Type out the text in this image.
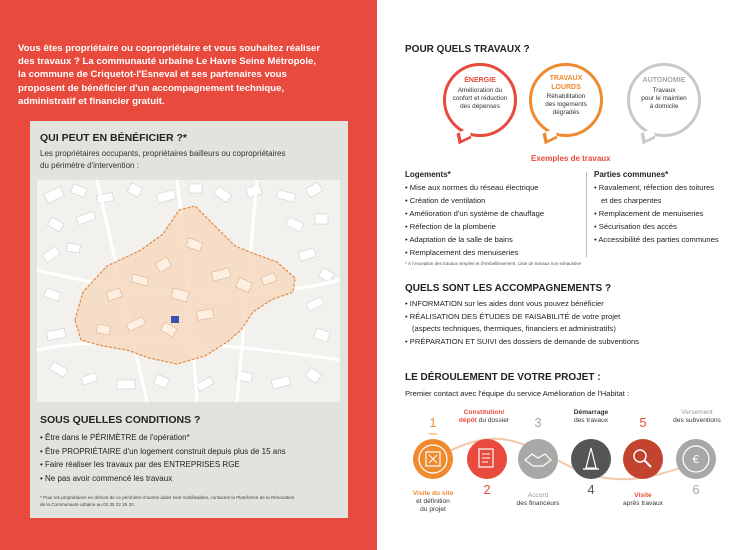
Vous êtes propriétaire ou copropriétaire et vous souhaitez réaliser
des travaux ? La communauté urbaine Le Havre Seine Métropole,
la commune de Criquetot-l'Esneval et ses partenaires vous
proposent de bénéficier d'un accompagnement technique,
administratif et financier gratuit.
QUI PEUT EN BÉNÉFICIER ?*
Les propriétaires occupants, propriétaires bailleurs ou copropriétaires
du périmètre d'intervention :
SOUS QUELLES CONDITIONS ?
• Être dans le PÉRIMÈTRE de l'opération*
• Être PROPRIÉTAIRE d'un logement construit depuis plus de 15 ans
• Faire réaliser les travaux par des ENTREPRISES RGE
• Ne pas avoir commencé les travaux
* Pour les propriétaires en dehors de ce périmètre d'autres aides sont mobilisables, contactez la Plateforme de la Rénovation
de la Communauté urbaine au 02 35 22 25 20.
POUR QUELS TRAVAUX ?
ÉNERGIE
Amélioration du
confort et réduction
des dépenses
TRAVAUX LOURDS
Réhabilitation
des logements
dégradés
AUTONOMIE
Travaux
pour le maintien
à domicile
Exemples de travaux
Logements*
• Mise aux normes du réseau électrique
• Création de ventilation
• Amélioration d'un système de chauffage
• Réfection de la plomberie
• Adaptation de la salle de bains
• Remplacement des menuiseries
Parties communes*
• Ravalement, réfection des toitures
et des charpentes
• Remplacement de menuiseries
• Sécurisation des accès
• Accessibilité des parties communes
* À l'exception des travaux simples et d'embellissement. Liste de travaux non exhaustive
QUELS SONT LES ACCOMPAGNEMENTS ?
• INFORMATION sur les aides dont vous pouvez bénéficier
• RÉALISATION DES ÉTUDES DE FAISABILITÉ de votre projet
(aspects techniques, thermiques, financiers et administratifs)
• PRÉPARATION ET SUIVI des dossiers de demande de subventions
LE DÉROULEMENT DE VOTRE PROJET :
Premier contact avec l'équipe du service Amélioration de l'Habitat :
€
1
2
3
4
5
6
Visite du site
et définition
du projet
Constitution/
dépôt du dossier
Accord
des financeurs
Démarrage
des travaux
Visite
après travaux
Versement
des subventions
